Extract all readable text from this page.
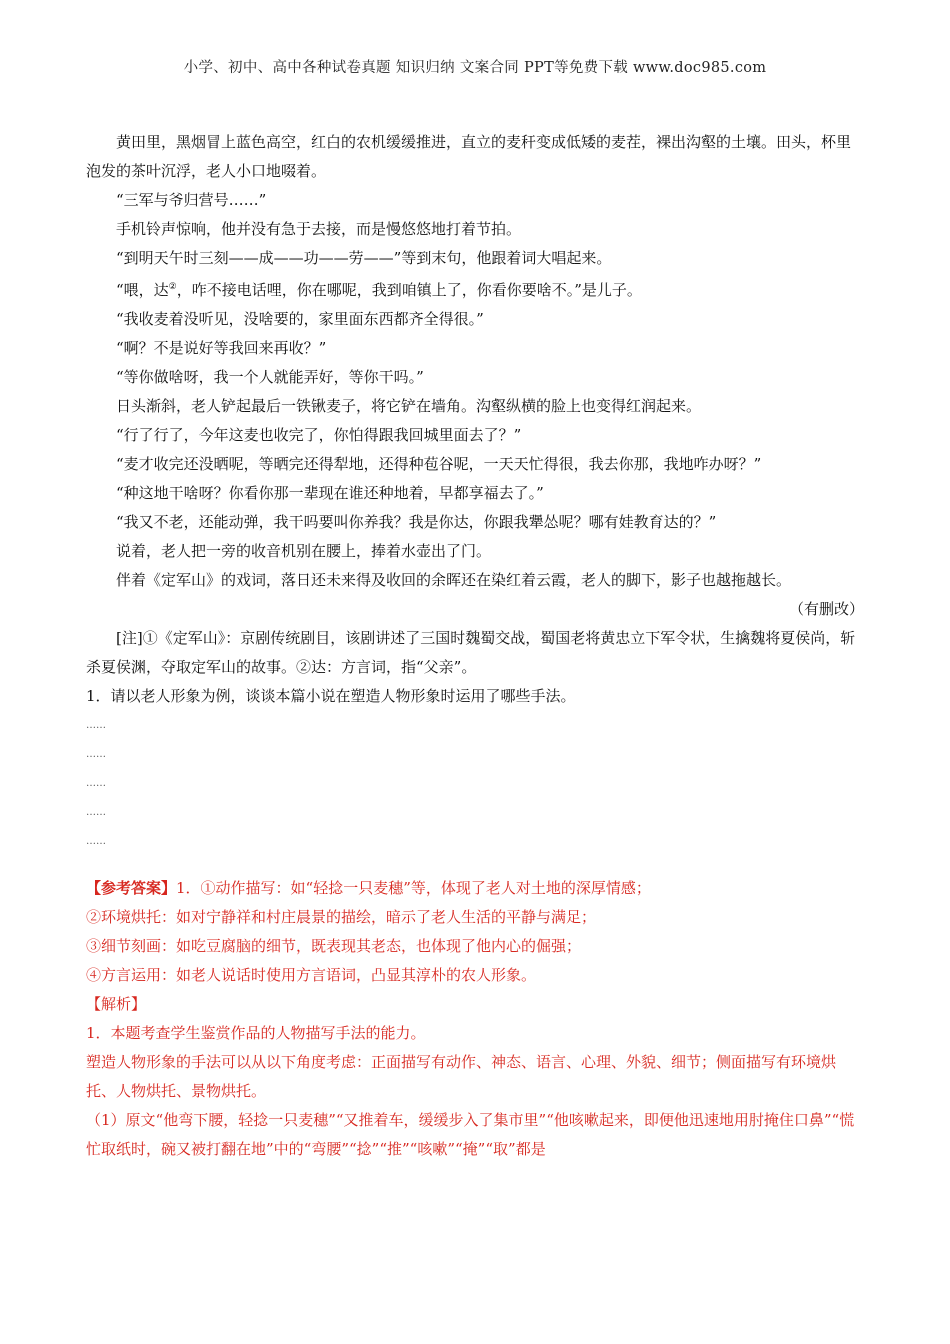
小学、初中、高中各种试卷真题 知识归纳 文案合同 PPT等免费下载 www.doc985.com

黄田里，黑烟冒上蓝色高空，红白的农机缓缓推进，直立的麦秆变成低矮的麦茬，裸出沟壑的土壤。田头，杯里泡发的茶叶沉浮，老人小口地啜着。

“三军与爷归营号……”

手机铃声惊响，他并没有急于去接，而是慢悠悠地打着节拍。

“到明天午时三刻——成——功——劳——”等到末句，他跟着词大唱起来。

“喂，达②，咋不接电话哩，你在哪呢，我到咱镇上了，你看你要啥不。”是儿子。

“我收麦着没听见，没啥要的，家里面东西都齐全得很。”

“啊？不是说好等我回来再收？”

“等你做啥呀，我一个人就能弄好，等你干吗。”

日头渐斜，老人铲起最后一铁锹麦子，将它铲在墙角。沟壑纵横的脸上也变得红润起来。

“行了行了，今年这麦也收完了，你怕得跟我回城里面去了？”

“麦才收完还没晒呢，等晒完还得犁地，还得种苞谷呢，一天天忙得很，我去你那，我地咋办呀？”

“种这地干啥呀？你看你那一辈现在谁还种地着，早都享福去了。”

“我又不老，还能动弹，我干吗要叫你养我？我是你达，你跟我犟怂呢？哪有娃教育达的？”

说着，老人把一旁的收音机别在腰上，捧着水壶出了门。

伴着《定军山》的戏词，落日还未来得及收回的余晖还在染红着云霞，老人的脚下，影子也越拖越长。

（有删改）

[注]①《定军山》：京剧传统剧目，该剧讲述了三国时魏蜀交战，蜀国老将黄忠立下军令状，生擒魏将夏侯尚，斩杀夏侯渊，夺取定军山的故事。②达：方言词，指“父亲”。

1．请以老人形象为例，谈谈本篇小说在塑造人物形象时运用了哪些手法。

……

……

……

……

……

【参考答案】1．①动作描写：如“轻捻一只麦穗”等，体现了老人对土地的深厚情感；

②环境烘托：如对宁静祥和村庄晨景的描绘，暗示了老人生活的平静与满足；

③细节刻画：如吃豆腐脑的细节，既表现其老态，也体现了他内心的倔强；

④方言运用：如老人说话时使用方言语词，凸显其淳朴的农人形象。

【解析】

1．本题考查学生鉴赏作品的人物描写手法的能力。

塑造人物形象的手法可以从以下角度考虑：正面描写有动作、神态、语言、心理、外貌、细节；侧面描写有环境烘托、人物烘托、景物烘托。

（1）原文“他弯下腰，轻捻一只麦穗”“又推着车，缓缓步入了集市里”“他咳嗽起来，即便他迅速地用肘掩住口鼻”“慌忙取纸时，碗又被打翻在地”中的“弯腰”“捻”“推”“咳嗽”“掩”“取”都是
